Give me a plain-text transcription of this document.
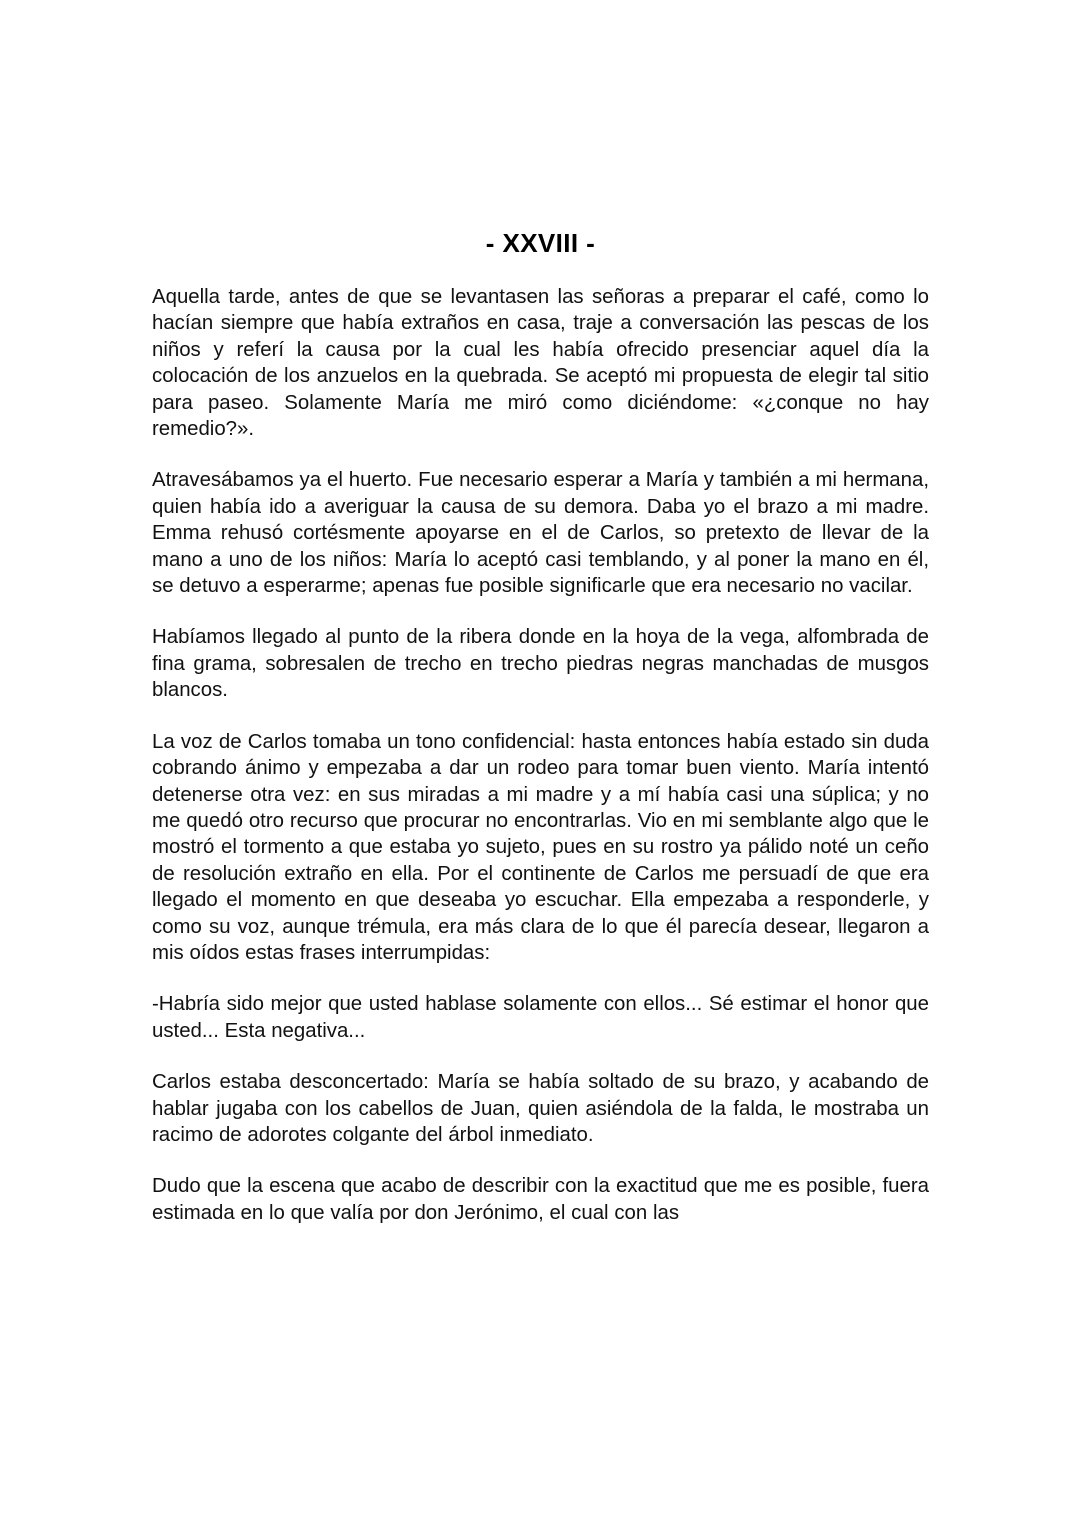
- XXVIII -

Aquella tarde, antes de que se levantasen las señoras a preparar el café, como lo hacían siempre que había extraños en casa, traje a conversación las pescas de los niños y referí la causa por la cual les había ofrecido presenciar aquel día la colocación de los anzuelos en la quebrada. Se aceptó mi propuesta de elegir tal sitio para paseo. Solamente María me miró como diciéndome: «¿conque no hay remedio?».

Atravesábamos ya el huerto. Fue necesario esperar a María y también a mi hermana, quien había ido a averiguar la causa de su demora. Daba yo el brazo a mi madre. Emma rehusó cortésmente apoyarse en el de Carlos, so pretexto de llevar de la mano a uno de los niños: María lo aceptó casi temblando, y al poner la mano en él, se detuvo a esperarme; apenas fue posible significarle que era necesario no vacilar.

Habíamos llegado al punto de la ribera donde en la hoya de la vega, alfombrada de fina grama, sobresalen de trecho en trecho piedras negras manchadas de musgos blancos.

La voz de Carlos tomaba un tono confidencial: hasta entonces había estado sin duda cobrando ánimo y empezaba a dar un rodeo para tomar buen viento. María intentó detenerse otra vez: en sus miradas a mi madre y a mí había casi una súplica; y no me quedó otro recurso que procurar no encontrarlas. Vio en mi semblante algo que le mostró el tormento a que estaba yo sujeto, pues en su rostro ya pálido noté un ceño de resolución extraño en ella. Por el continente de Carlos me persuadí de que era llegado el momento en que deseaba yo escuchar. Ella empezaba a responderle, y como su voz, aunque trémula, era más clara de lo que él parecía desear, llegaron a mis oídos estas frases interrumpidas:

-Habría sido mejor que usted hablase solamente con ellos... Sé estimar el honor que usted... Esta negativa...

Carlos estaba desconcertado: María se había soltado de su brazo, y acabando de hablar jugaba con los cabellos de Juan, quien asiéndola de la falda, le mostraba un racimo de adorotes colgante del árbol inmediato.

Dudo que la escena que acabo de describir con la exactitud que me es posible, fuera estimada en lo que valía por don Jerónimo, el cual con las
